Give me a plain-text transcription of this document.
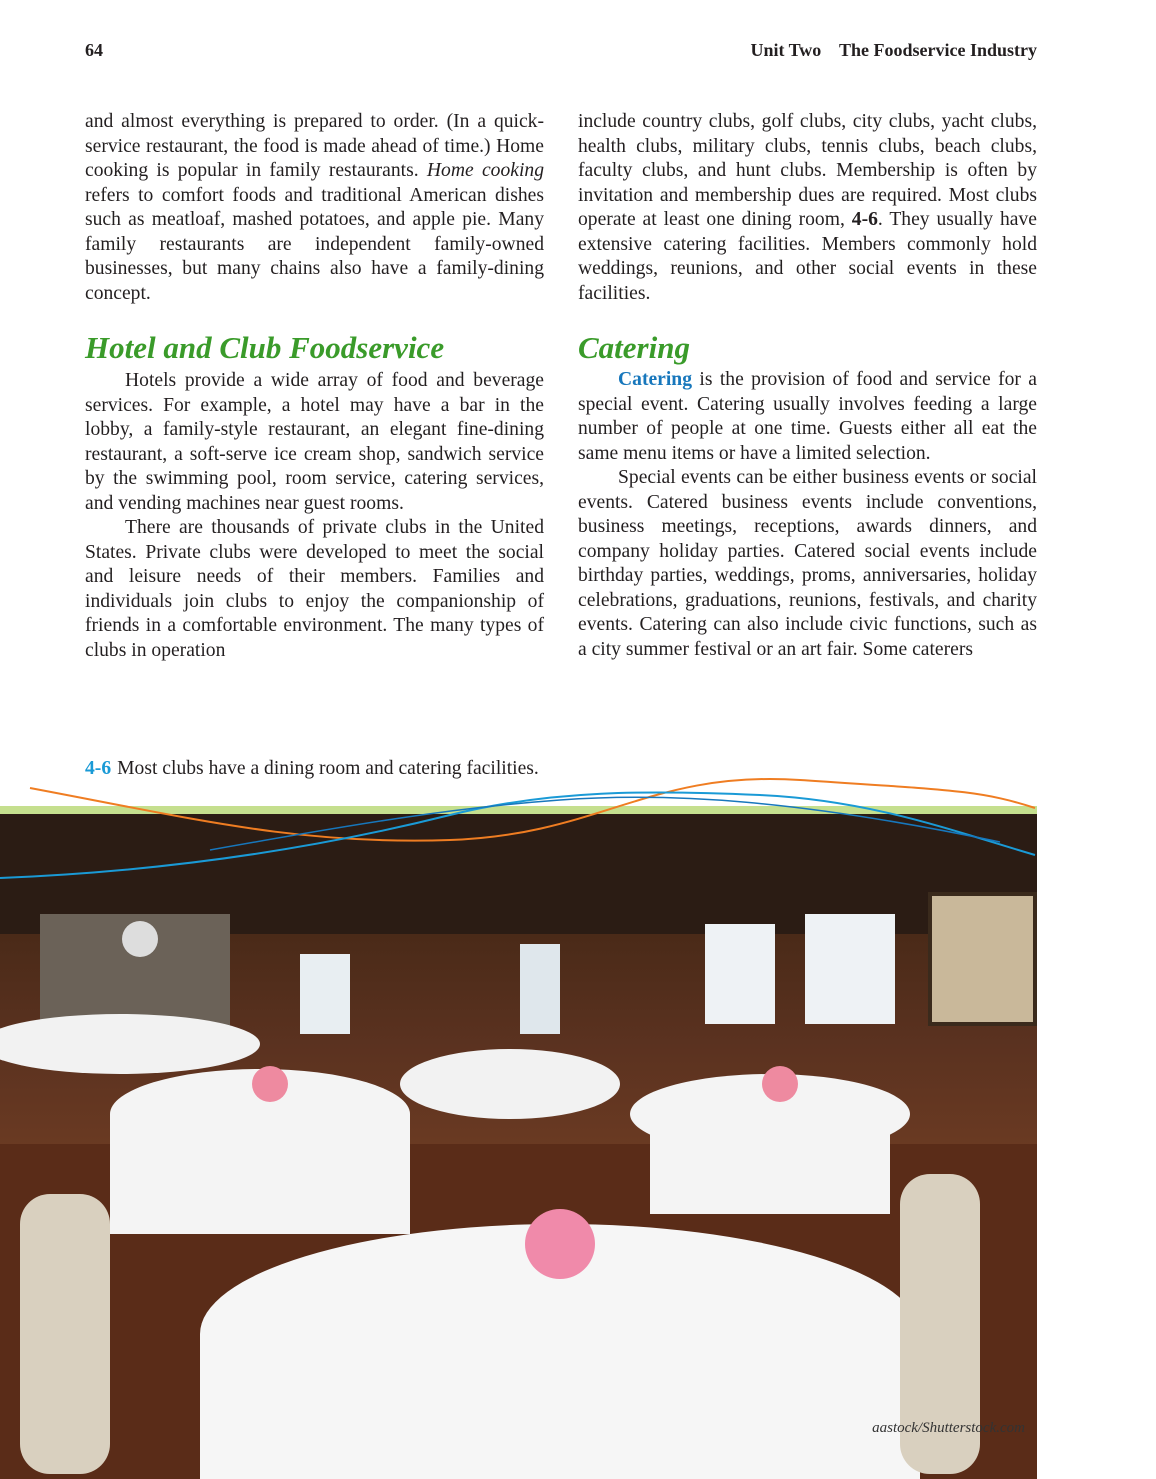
64	Unit Two The Foodservice Industry

and almost everything is prepared to order. (In a quick-service restaurant, the food is made ahead of time.) Home cooking is popular in family restaurants. Home cooking refers to comfort foods and traditional American dishes such as meatloaf, mashed potatoes, and apple pie. Many family restaurants are independent family-owned businesses, but many chains also have a family-dining concept.

Hotel and Club Foodservice

Hotels provide a wide array of food and beverage services. For example, a hotel may have a bar in the lobby, a family-style restaurant, an elegant fine-dining restaurant, a soft-serve ice cream shop, sandwich service by the swimming pool, room service, catering services, and vending machines near guest rooms.

There are thousands of private clubs in the United States. Private clubs were developed to meet the social and leisure needs of their members. Families and individuals join clubs to enjoy the companionship of friends in a comfortable environment. The many types of clubs in operation

include country clubs, golf clubs, city clubs, yacht clubs, health clubs, military clubs, tennis clubs, beach clubs, faculty clubs, and hunt clubs. Membership is often by invitation and membership dues are required. Most clubs operate at least one dining room, 4-6. They usually have extensive catering facilities. Members commonly hold weddings, reunions, and other social events in these facilities.

Catering

Catering is the provision of food and service for a special event. Catering usually involves feeding a large number of people at one time. Guests either all eat the same menu items or have a limited selection.

Special events can be either business events or social events. Catered business events include conventions, business meetings, receptions, awards dinners, and company holiday parties. Catered social events include birthday parties, weddings, proms, anniversaries, holiday celebrations, graduations, reunions, festivals, and charity events. Catering can also include civic functions, such as a city summer festival or an art fair. Some caterers

4-6 Most clubs have a dining room and catering facilities.
aastock/Shutterstock.com
